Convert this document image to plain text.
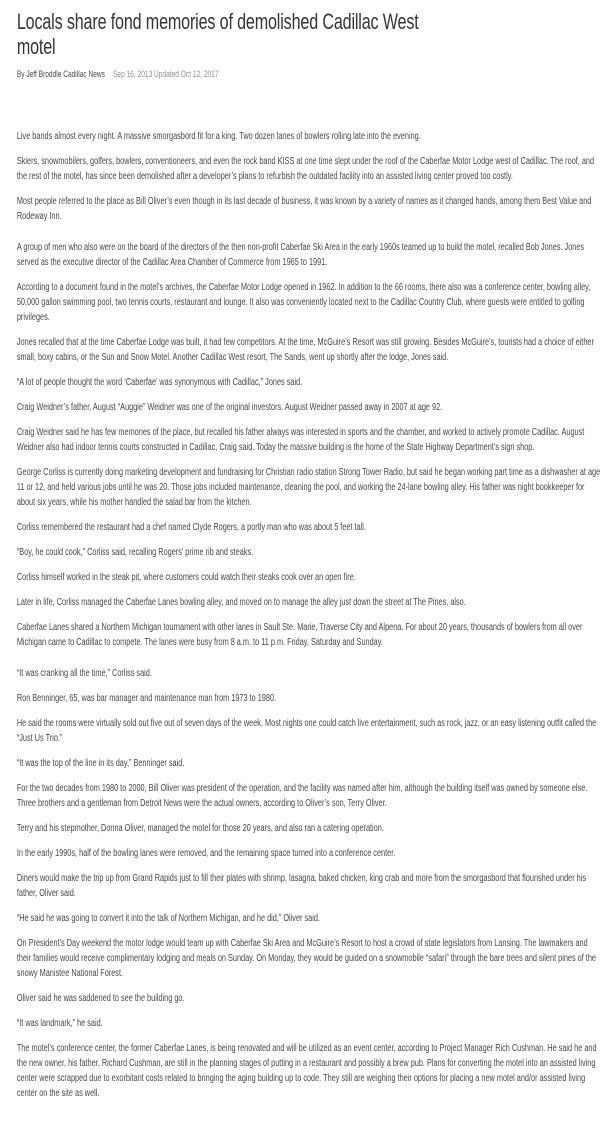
Locals share fond memories of demolished Cadillac West motel
By Jeff Broddle Cadillac News Sep 16, 2013 Updated Oct 12, 2017

Live bands almost every night. A massive smorgasbord fit for a king. Two dozen lanes of bowlers rolling late into the evening.

Skiers, snowmobilers, golfers, bowlers, conventioneers, and even the rock band KISS at one time slept under the roof of the Caberfae Motor Lodge west of Cadillac. The roof, and the rest of the motel, has since been demolished after a developer’s plans to refurbish the outdated facility into an assisted living center proved too costly.

Most people referred to the place as Bill Oliver’s even though in its last decade of business, it was known by a variety of names as it changed hands, among them Best Value and Rodeway Inn.

A group of men who also were on the board of the directors of the then non-profit Caberfae Ski Area in the early 1960s teamed up to build the motel, recalled Bob Jones. Jones served as the executive director of the Cadillac Area Chamber of Commerce from 1965 to 1991.

According to a document found in the motel’s archives, the Caberfae Motor Lodge opened in 1962. In addition to the 66 rooms, there also was a conference center, bowling alley, 50,000 gallon swimming pool, two tennis courts, restaurant and lounge. It also was conveniently located next to the Cadillac Country Club, where guests were entitled to golfing privileges.

Jones recalled that at the time Caberfae Lodge was built, it had few competitors. At the time, McGuire’s Resort was still growing. Besides McGuire’s, tourists had a choice of either small, boxy cabins, or the Sun and Snow Motel. Another Cadillac West resort, The Sands, went up shortly after the lodge, Jones said.

“A lot of people thought the word ‘Caberfae’ was synonymous with Cadillac,” Jones said.

Craig Weidner’s father, August “Auggie” Weidner was one of the original investors. August Weidner passed away in 2007 at age 92.

Craig Weidner said he has few memories of the place, but recalled his father always was interested in sports and the chamber, and worked to actively promote Cadillac. August Weidner also had indoor tennis courts constructed in Cadillac, Craig said. Today the massive building is the home of the State Highway Department’s sign shop.

George Corliss is currently doing marketing development and fundraising for Christian radio station Strong Tower Radio, but said he began working part time as a dishwasher at age 11 or 12, and held various jobs until he was 20. Those jobs included maintenance, cleaning the pool, and working the 24-lane bowling alley. His father was night bookkeeper for about six years, while his mother handled the salad bar from the kitchen.

Corliss remembered the restaurant had a chef named Clyde Rogers, a portly man who was about 5 feet tall.

“Boy, he could cook,” Corliss said, recalling Rogers’ prime rib and steaks.

Corliss himself worked in the steak pit, where customers could watch their steaks cook over an open fire.

Later in life, Corliss managed the Caberfae Lanes bowling alley, and moved on to manage the alley just down the street at The Pines, also.

Caberfae Lanes shared a Northern Michigan tournament with other lanes in Sault Ste. Marie, Traverse City and Alpena. For about 20 years, thousands of bowlers from all over Michigan came to Cadillac to compete. The lanes were busy from 8 a.m. to 11 p.m. Friday, Saturday and Sunday.

“It was cranking all the time,” Corliss said.

Ron Benninger, 65, was bar manager and maintenance man from 1973 to 1980.

He said the rooms were virtually sold out five out of seven days of the week. Most nights one could catch live entertainment, such as rock, jazz, or an easy listening outfit called the “Just Us Trio.”

“It was the top of the line in its day,” Benninger said.

For the two decades from 1980 to 2000, Bill Oliver was president of the operation, and the facility was named after him, although the building itself was owned by someone else. Three brothers and a gentleman from Detroit News were the actual owners, according to Oliver’s son, Terry Oliver.

Terry and his stepmother, Donna Oliver, managed the motel for those 20 years, and also ran a catering operation.

In the early 1990s, half of the bowling lanes were removed, and the remaining space turned into a conference center.

Diners would make the trip up from Grand Rapids just to fill their plates with shrimp, lasagna, baked chicken, king crab and more from the smorgasbord that flourished under his father, Oliver said.

“He said he was going to convert it into the talk of Northern Michigan, and he did,” Oliver said.

On President’s Day weekend the motor lodge would team up with Caberfae Ski Area and McGuire’s Resort to host a crowd of state legislators from Lansing. The lawmakers and their families would receive complimentary lodging and meals on Sunday. On Monday, they would be guided on a snowmobile “safari” through the bare trees and silent pines of the snowy Manistee National Forest.

Oliver said he was saddened to see the building go.

“It was landmark,” he said.

The motel’s conference center, the former Caberfae Lanes, is being renovated and will be utilized as an event center, according to Project Manager Rich Cushman. He said he and the new owner, his father, Richard Cushman, are still in the planning stages of putting in a restaurant and possibly a brew pub. Plans for converting the motel into an assisted living center were scrapped due to exorbitant costs related to bringing the aging building up to code. They still are weighing their options for placing a new motel and/or assisted living center on the site as well.
